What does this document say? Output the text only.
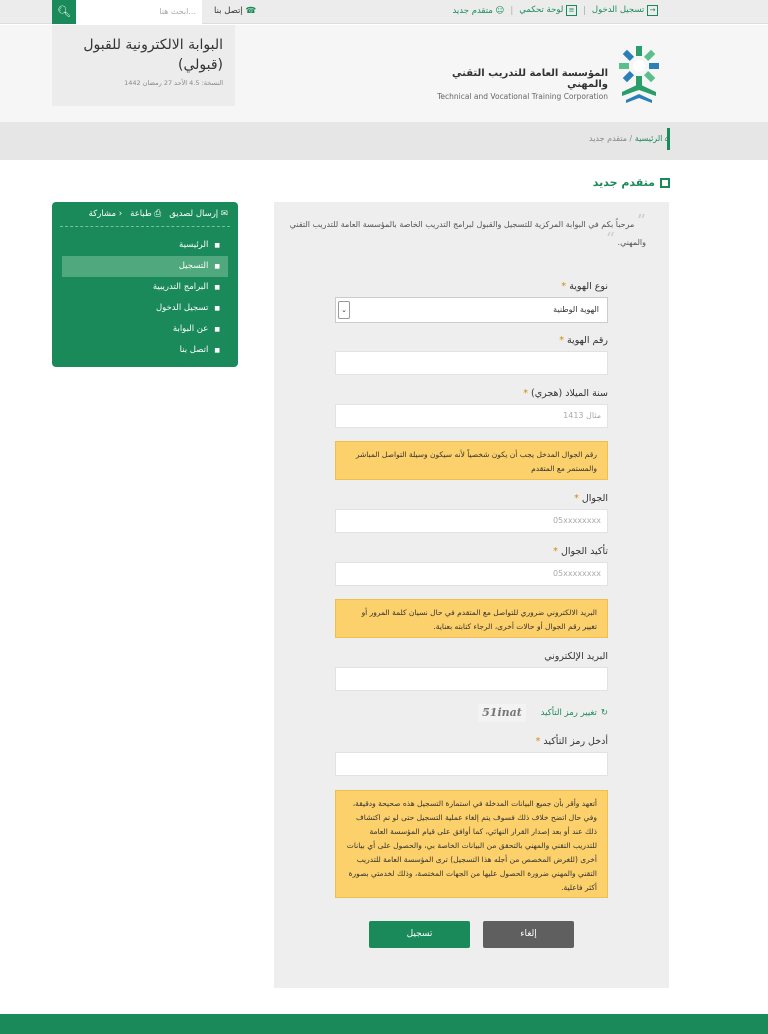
🔍︎	ابحث هنا...	☎ إتصل بنا	→ تسجيل الدخول
|
≡ لوحة تحكمي
|
☺ متقدم جديد
البوابة الالكترونية للقبول
(قبولي)
النسخة: 4.5 الأحد 27 رمضان 1442
المؤسسة العامة للتدريب التقني والمهني
Technical and Vocational Training Corporation
⌂ الرئيسية / متقدم جديد
متقدم جديد
✉ إرسال لصديق
⎙ طباعة
‹ مشاركة
■ الرئيسية
■ التسجيل
■ البرامج التدريبية
■ تسجيل الدخول
■ عن البوابة
■ اتصل بنا
” مرحباً بكم في البوابة المركزية للتسجيل والقبول لبرامج التدريب الخاصة بالمؤسسة العامة للتدريب التقني والمهني. “
نوع الهوية *
الهوية الوطنية
⌄
رقم الهوية *
سنة الميلاد (هجري) *
مثال 1413
رقم الجوال المدخل يجب أن يكون شخصياً لأنه سيكون وسيلة التواصل المباشر والمستمر مع المتقدم
الجوال *
05xxxxxxxx
تأكيد الجوال *
05xxxxxxxx
البريد الالكتروني ضروري للتواصل مع المتقدم في حال نسيان كلمة المرور أو تغيير رقم الجوال أو حالات أخرى، الرجاء كتابته بعناية.
البريد الإلكتروني
↻
تغيير رمز التأكيد
51inat
أدخل رمز التأكيد *
أتعهد وأقر بأن جميع البيانات المدخلة في استمارة التسجيل هذه صحيحة ودقيقة، وفي حال اتضح خلاف ذلك فسوف يتم إلغاء عملية التسجيل حتى لو تم اكتشاف ذلك عند أو بعد إصدار القرار النهائي، كما أوافق على قيام المؤسسة العامة للتدريب التقني والمهني بالتحقق من البيانات الخاصة بي، والحصول على أي بيانات أخرى (للغرض المخصص من أجله هذا التسجيل) ترى المؤسسة العامة للتدريب التقني والمهني ضرورة الحصول عليها من الجهات المختصة، وذلك لخدمتي بصورة أكثر فاعلية.
تسجيل	إلغاء
